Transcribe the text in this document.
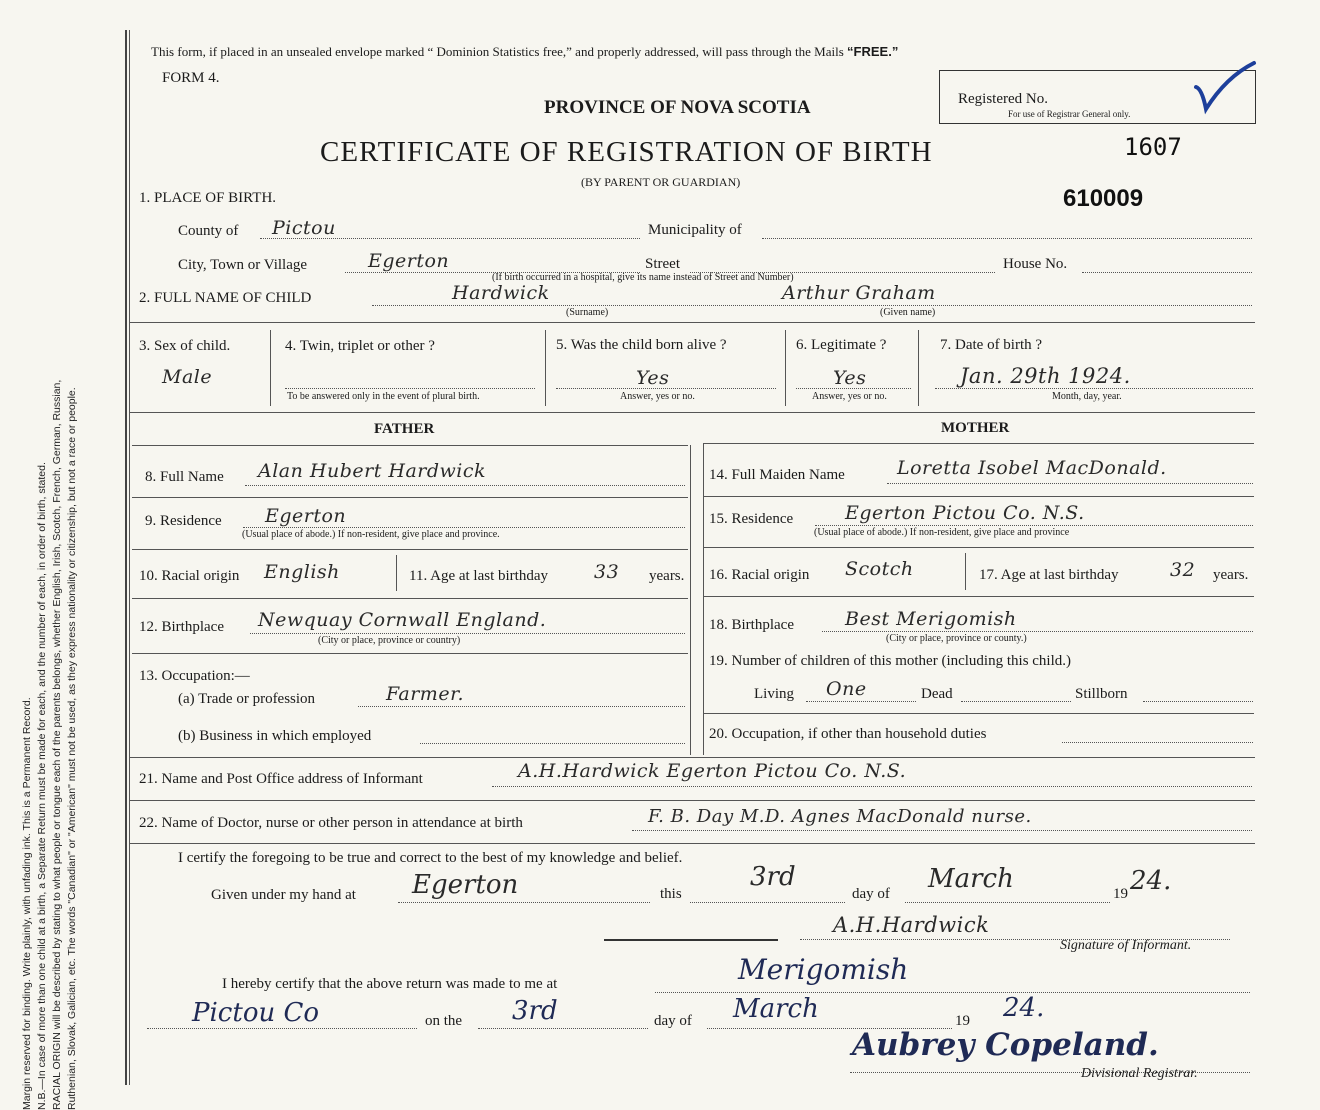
Margin reserved for binding. Write plainly, with unfading ink. This is a Permanent Record. N.B.—In case of more than one child at a birth, a Separate Return must be made for each, and the number of each, in order of birth, stated. RACIAL ORIGIN will be described by stating to what people or tongue each of the parents belongs, whether English, Irish, Scotch, French, German, Russian, Ruthenian, Slovak, Galician, etc. The words "Canadian" or "American" must not be used, as they express nationality or citizenship, but not a race or people.
This form, if placed in an unsealed envelope marked “ Dominion Statistics free,” and properly addressed, will pass through the Mails “FREE.”
FORM 4.
PROVINCE OF NOVA SCOTIA
CERTIFICATE OF REGISTRATION OF BIRTH
(BY PARENT OR GUARDIAN)
Registered No.
For use of Registrar General only.
1607
610009
1. PLACE OF BIRTH.
County of Pictou	Municipality of
City, Town or Village	Egerton	Street	House No.
(If birth occurred in a hospital, give its name instead of Street and Number)
2. FULL NAME OF CHILD	Hardwick	Arthur Graham
(Surname)	(Given name)
3. Sex of child.
Male
4. Twin, triplet or other ?
To be answered only in the event of plural birth.
5. Was the child born alive ?
Yes
Answer, yes or no.
6. Legitimate ?
Yes
Answer, yes or no.
7. Date of birth ?
Jan. 29th 1924.
Month, day, year.
FATHER	MOTHER
8. Full Name Alan Hubert Hardwick
9. Residence Egerton
(Usual place of abode.) If non-resident, give place and province.
10. Racial origin English	11. Age at last birthday 33 years.
12. Birthplace Newquay Cornwall England.
(City or place, province or country)
13. Occupation:—
(a) Trade or profession	Farmer.
(b) Business in which employed
14. Full Maiden Name	Loretta Isobel MacDonald.
15. Residence	Egerton Pictou Co. N.S.
(Usual place of abode.) If non-resident, give place and province
16. Racial origin Scotch	17. Age at last birthday	32 years.
18. Birthplace	Best Merigomish
(City or place, province or county.)
19. Number of children of this mother (including this child.)
Living One	Dead	Stillborn
20. Occupation, if other than household duties
21. Name and Post Office address of Informant	A.H.Hardwick Egerton Pictou Co. N.S.
22. Name of Doctor, nurse or other person in attendance at birth	F. B. Day M.D. Agnes MacDonald nurse.
I certify the foregoing to be true and correct to the best of my knowledge and belief.
Given under my hand at Egerton	this
3rd
day of March	19 24.
A.H.Hardwick
Signature of Informant.
I hereby certify that the above return was made to me at	Merigomish
Pictou Co	on the 3rd	day of March	19 24.
Aubrey Copeland.
Divisional Registrar.
